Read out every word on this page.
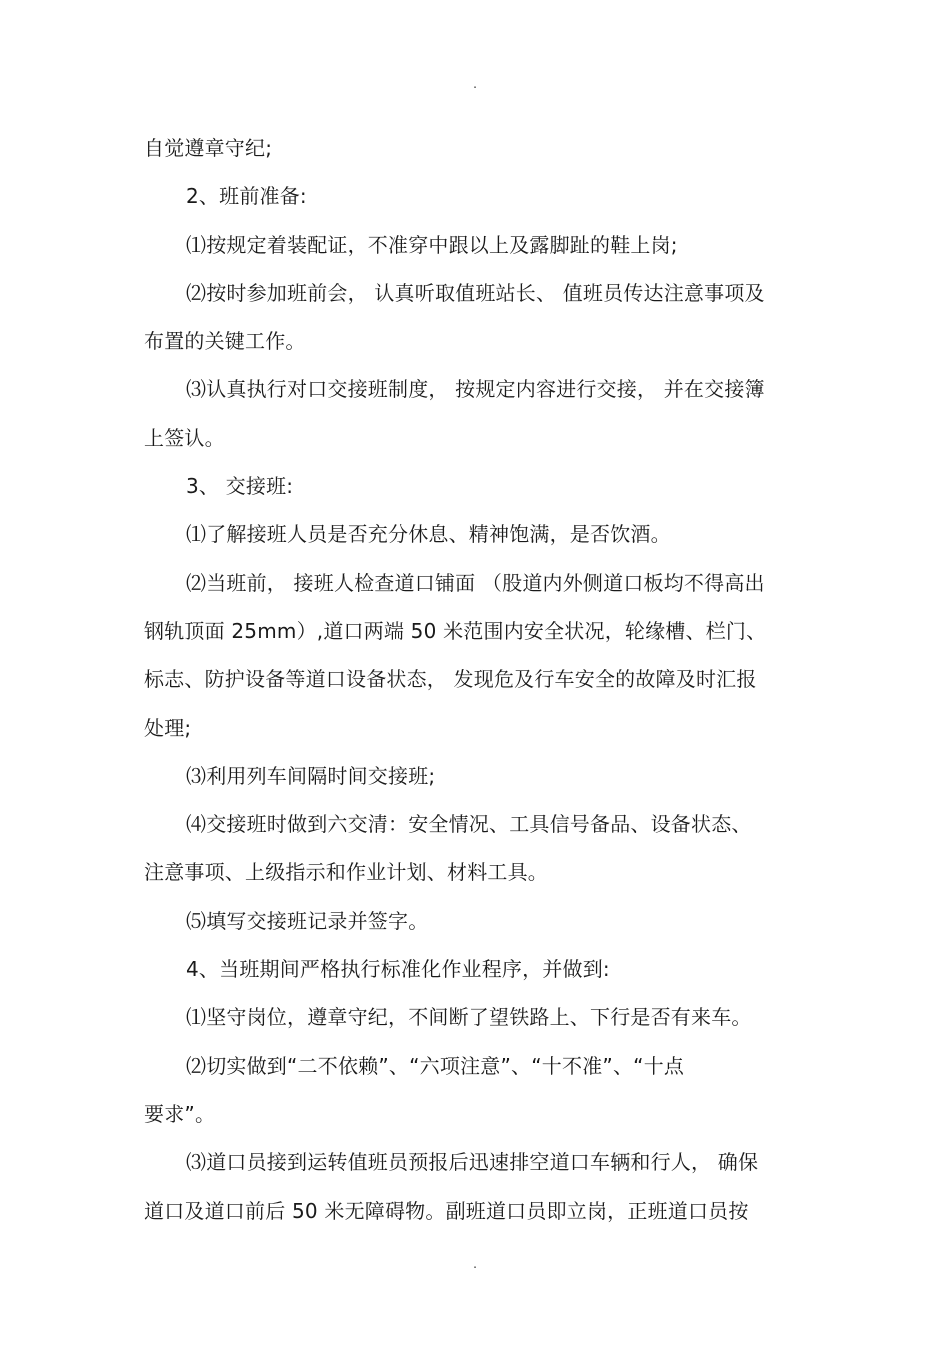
.
自觉遵章守纪;
2、班前准备:
⑴按规定着装配证，不准穿中跟以上及露脚趾的鞋上岗;
⑵按时参加班前会， 认真听取值班站长、 值班员传达注意事项及
布置的关键工作。
⑶认真执行对口交接班制度， 按规定内容进行交接， 并在交接簿
上签认。
3、 交接班:
⑴了解接班人员是否充分休息、精神饱满，是否饮酒。
⑵当班前， 接班人检查道口铺面 （股道内外侧道口板均不得高出
钢轨顶面 25mm）,道口两端 50 米范围内安全状况，轮缘槽、栏门、
标志、防护设备等道口设备状态， 发现危及行车安全的故障及时汇报
处理;
⑶利用列车间隔时间交接班;
⑷交接班时做到六交清：安全情况、工具信号备品、设备状态、
注意事项、上级指示和作业计划、材料工具。
⑸填写交接班记录并签字。
4、当班期间严格执行标准化作业程序，并做到:
⑴坚守岗位，遵章守纪，不间断了望铁路上、下行是否有来车。
⑵切实做到“二不依赖”、“六项注意”、“十不准”、“十点
要求”。
⑶道口员接到运转值班员预报后迅速排空道口车辆和行人， 确保
道口及道口前后 50 米无障碍物。副班道口员即立岗，正班道口员按
.
